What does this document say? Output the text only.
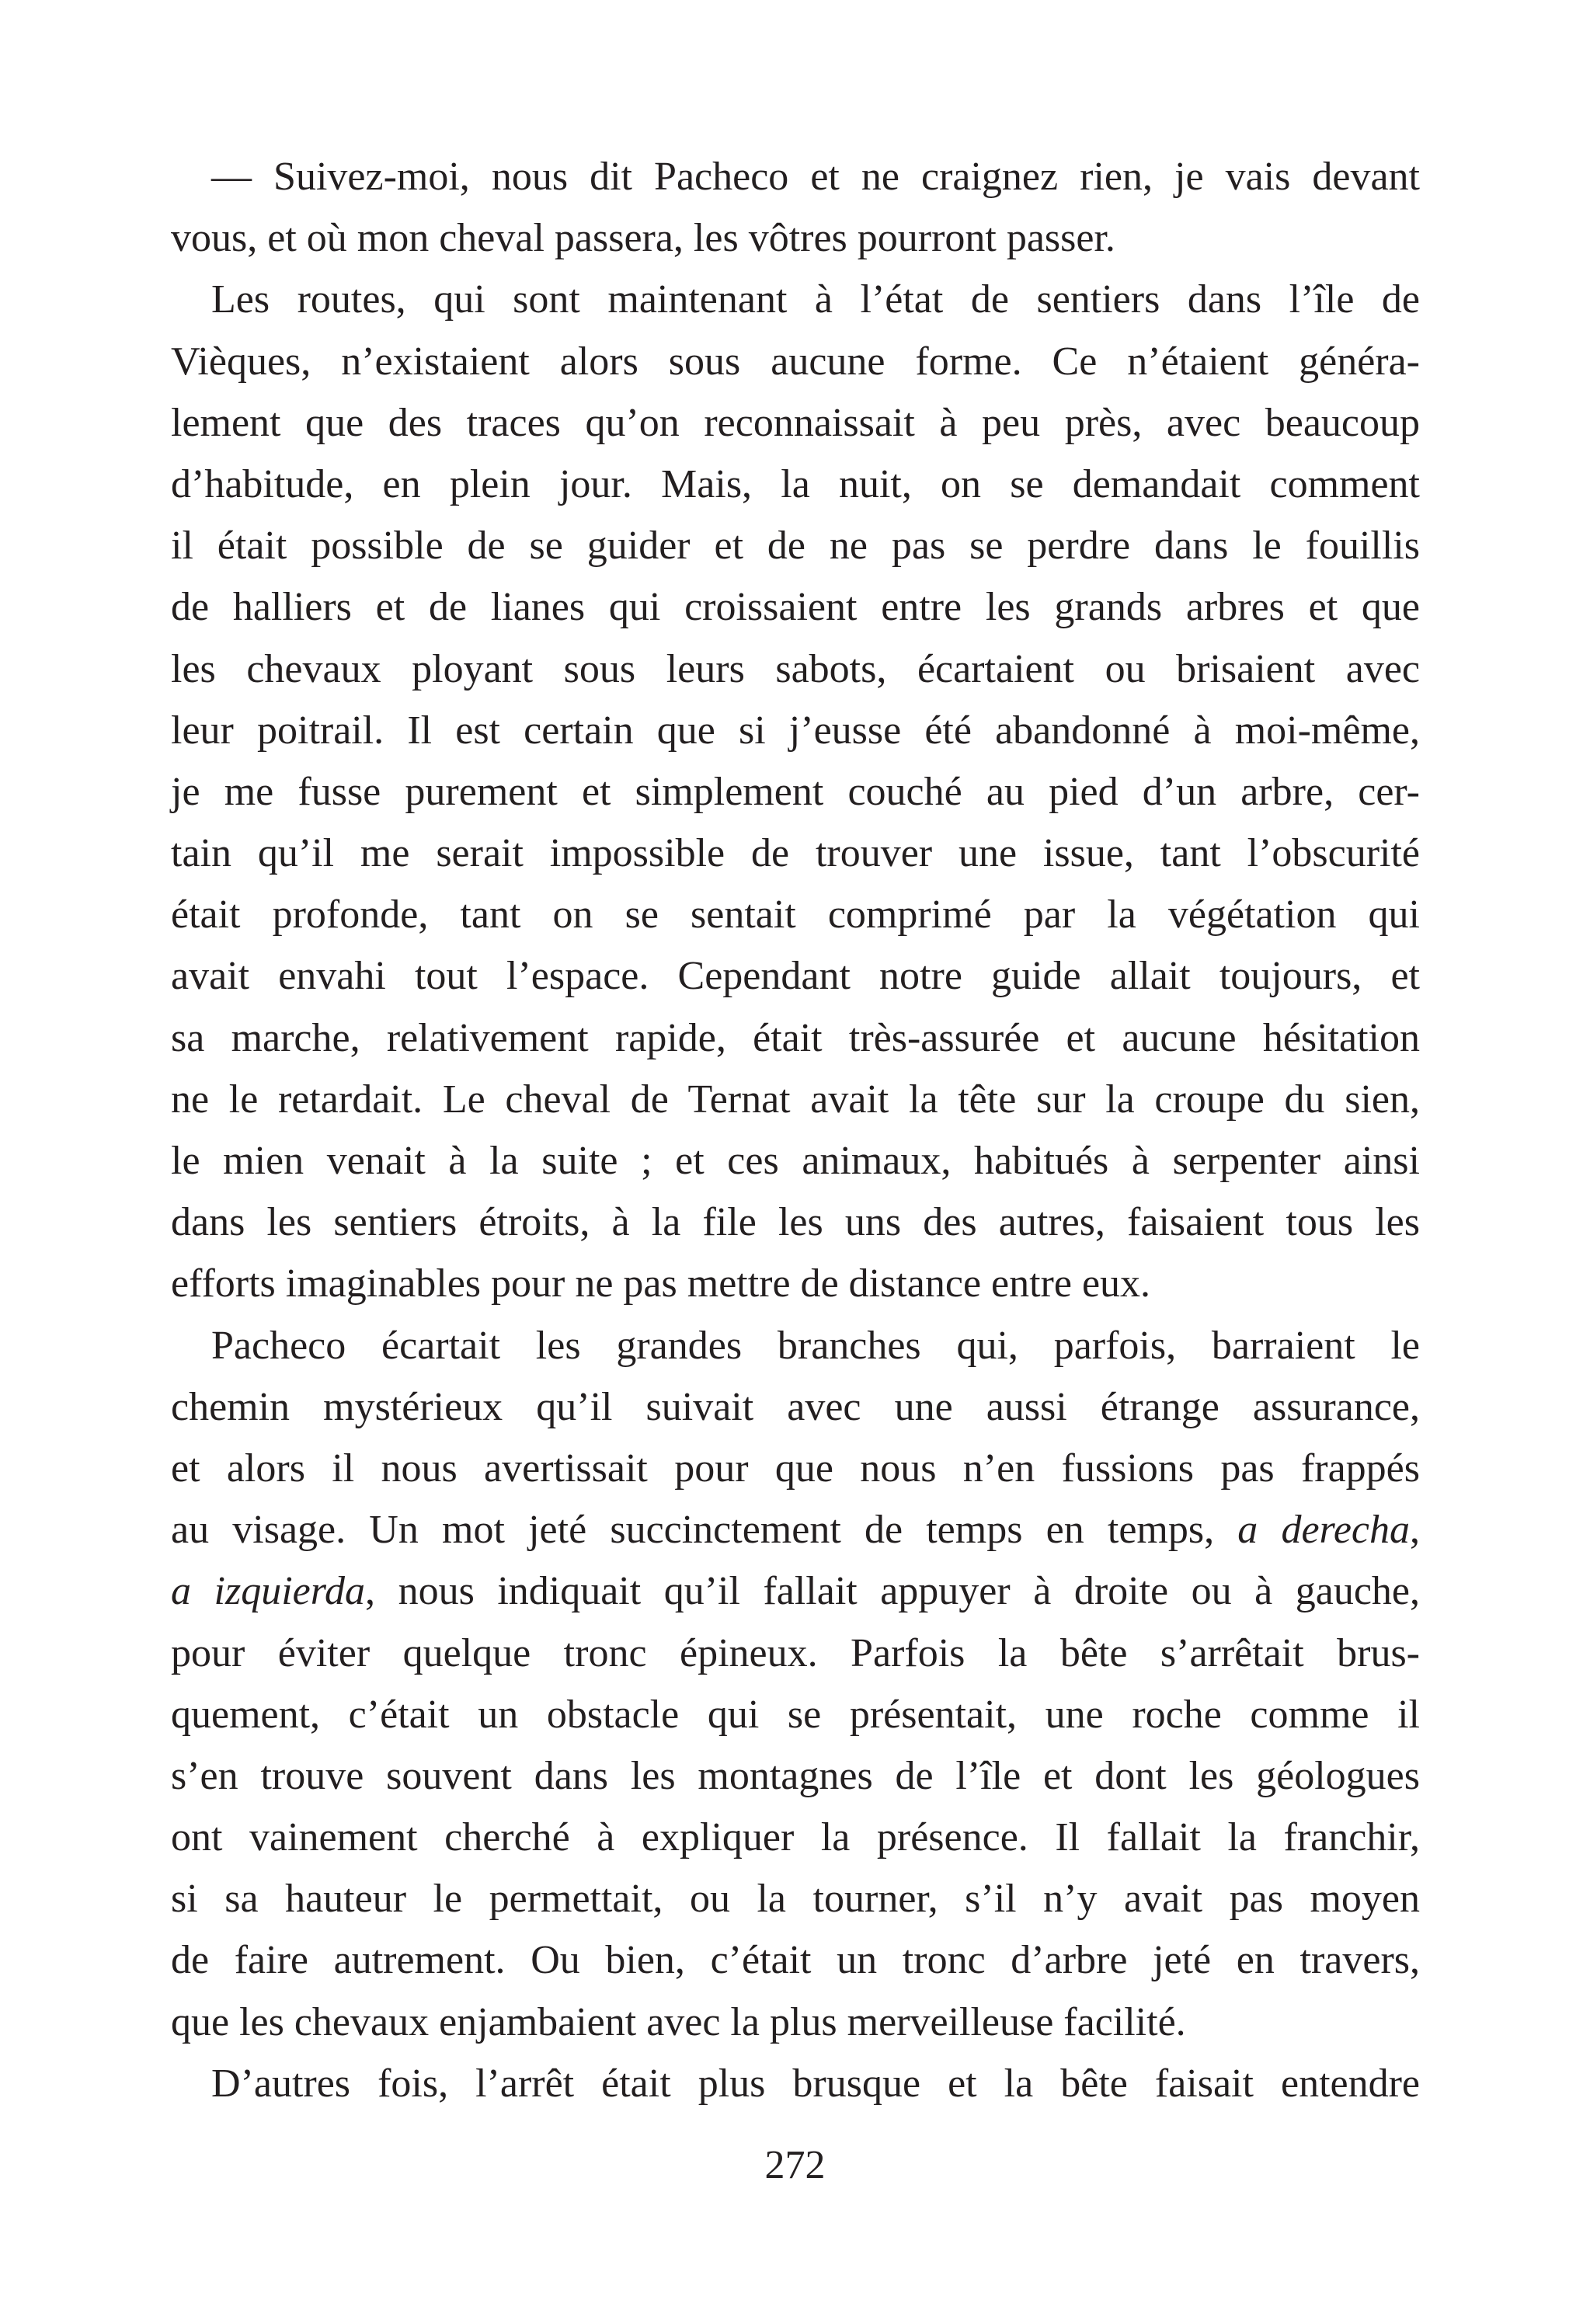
— Suivez-moi, nous dit Pacheco et ne craignez rien, je vais devant
vous, et où mon cheval passera, les vôtres pourront passer.
Les routes, qui sont maintenant à l’état de sentiers dans l’île de
Vièques, n’existaient alors sous aucune forme. Ce n’étaient généra-
lement que des traces qu’on reconnaissait à peu près, avec beaucoup
d’habitude, en plein jour. Mais, la nuit, on se demandait comment
il était possible de se guider et de ne pas se perdre dans le fouillis
de halliers et de lianes qui croissaient entre les grands arbres et que
les chevaux ployant sous leurs sabots, écartaient ou brisaient avec
leur poitrail. Il est certain que si j’eusse été abandonné à moi-même,
je me fusse purement et simplement couché au pied d’un arbre, cer-
tain qu’il me serait impossible de trouver une issue, tant l’obscurité
était profonde, tant on se sentait comprimé par la végétation qui
avait envahi tout l’espace. Cependant notre guide allait toujours, et
sa marche, relativement rapide, était très-assurée et aucune hésitation
ne le retardait. Le cheval de Ternat avait la tête sur la croupe du sien,
le mien venait à la suite ; et ces animaux, habitués à serpenter ainsi
dans les sentiers étroits, à la file les uns des autres, faisaient tous les
efforts imaginables pour ne pas mettre de distance entre eux.
Pacheco écartait les grandes branches qui, parfois, barraient le
chemin mystérieux qu’il suivait avec une aussi étrange assurance,
et alors il nous avertissait pour que nous n’en fussions pas frappés
au visage. Un mot jeté succinctement de temps en temps, a derecha,
a izquierda, nous indiquait qu’il fallait appuyer à droite ou à gauche,
pour éviter quelque tronc épineux. Parfois la bête s’arrêtait brus-
quement, c’était un obstacle qui se présentait, une roche comme il
s’en trouve souvent dans les montagnes de l’île et dont les géologues
ont vainement cherché à expliquer la présence. Il fallait la franchir,
si sa hauteur le permettait, ou la tourner, s’il n’y avait pas moyen
de faire autrement. Ou bien, c’était un tronc d’arbre jeté en travers,
que les chevaux enjambaient avec la plus merveilleuse facilité.
D’autres fois, l’arrêt était plus brusque et la bête faisait entendre
272
